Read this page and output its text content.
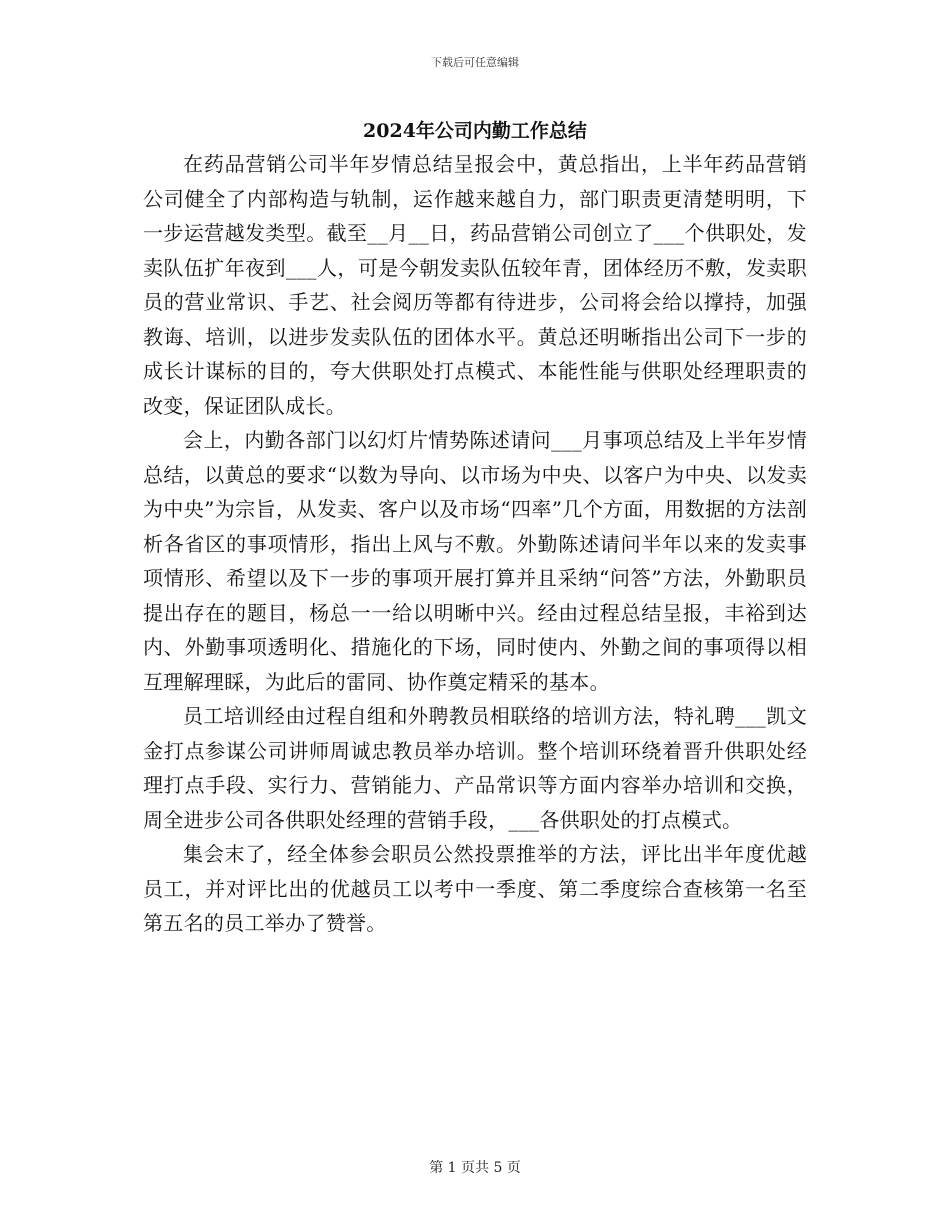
下载后可任意编辑
2024年公司内勤工作总结

在药品营销公司半年岁情总结呈报会中，黄总指出，上半年药品营销公司健全了内部构造与轨制，运作越来越自力，部门职责更清楚明明，下一步运营越发类型。截至__月__日，药品营销公司创立了___个供职处，发卖队伍扩年夜到___人，可是今朝发卖队伍较年青，团体经历不敷，发卖职员的营业常识、手艺、社会阅历等都有待进步，公司将会给以撑持，加强教诲、培训，以进步发卖队伍的团体水平。黄总还明晰指出公司下一步的成长计谋标的目的，夸大供职处打点模式、本能性能与供职处经理职责的改变，保证团队成长。

会上，内勤各部门以幻灯片情势陈述请问___月事项总结及上半年岁情总结，以黄总的要求“以数为导向、以市场为中央、以客户为中央、以发卖为中央”为宗旨，从发卖、客户以及市场“四率”几个方面，用数据的方法剖析各省区的事项情形，指出上风与不敷。外勤陈述请问半年以来的发卖事项情形、希望以及下一步的事项开展打算并且采纳“问答”方法，外勤职员提出存在的题目，杨总一一给以明晰中兴。经由过程总结呈报，丰裕到达内、外勤事项透明化、措施化的下场，同时使内、外勤之间的事项得以相互理解理睬，为此后的雷同、协作奠定精采的基本。

员工培训经由过程自组和外聘教员相联络的培训方法，特礼聘___凯文金打点参谋公司讲师周诚忠教员举办培训。整个培训环绕着晋升供职处经理打点手段、实行力、营销能力、产品常识等方面内容举办培训和交换，周全进步公司各供职处经理的营销手段，___各供职处的打点模式。

集会末了，经全体参会职员公然投票推举的方法，评比出半年度优越员工，并对评比出的优越员工以考中一季度、第二季度综合查核第一名至第五名的员工举办了赞誉。

第 1 页共 5 页
